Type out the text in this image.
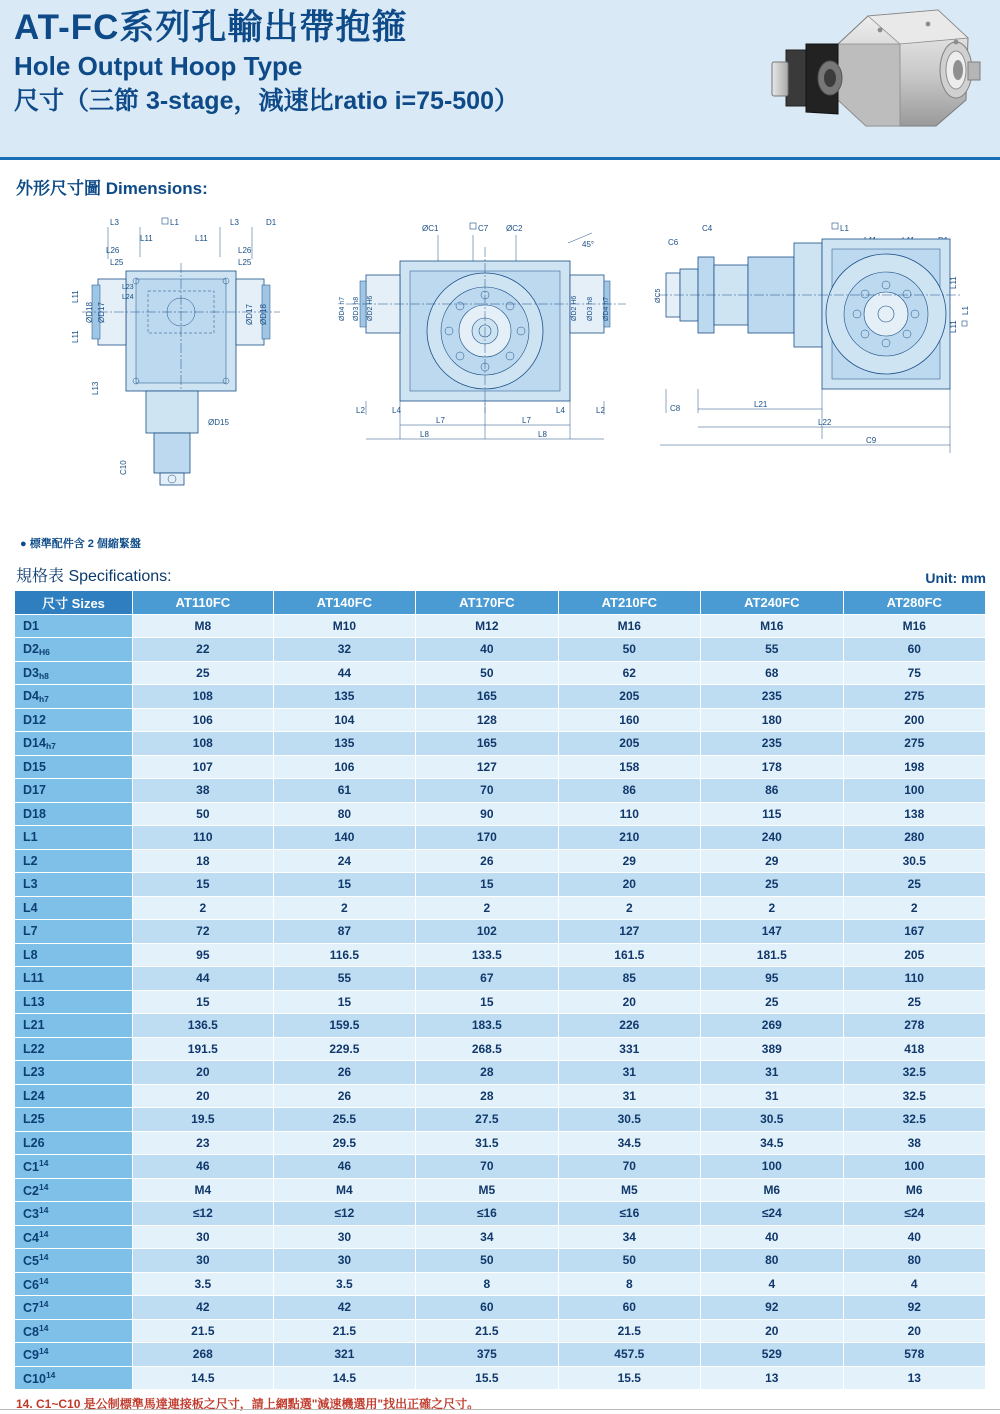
AT-FC系列孔輸出帶抱箍
Hole Output Hoop Type
尺寸（三節 3-stage，減速比ratio i=75-500）
外形尺寸圖 Dimensions:
L3	L1	L3	D1
L11	L11
L26
L25
L26
L25
L11
L11
ØD18 ØD17	ØD17 ØD18
L23
L24
L13
ØD15
C10
ØC1	C7 ØC2
45°
ØD4 h7 ØD3 h8 ØD2 H6	ØD2 H6 ØD3 h8 ØD4 h7
L2	L4	L4	L2
L7	L7
L8	L8
C4
C6
L1
ØC5
L11
L11
L1
C8	L21
L22
C9
● 標準配件含 2 個縮緊盤
規格表 Specifications:	Unit: mm
尺寸 Sizes	AT110FC	AT140FC	AT170FC	AT210FC	AT240FC	AT280FC
D1	M8	M10	M12	M16	M16	M16
$D2_{H6}$	22	32	40	50	55	60
$D3_{h8}$	25	44	50	62	68	75
$D4_{h7}$	108	135	165	205	235	275
D12	106	104	128	160	180	200
$D14_{h7}$	108	135	165	205	235	275
D15	107	106	127	158	178	198
D17	38	61	70	86	86	100
D18	50	80	90	110	115	138
L1	110	140	170	210	240	280
L2	18	24	26	29	29	30.5
L3	15	15	15	20	25	25
L4	2	2	2	2	2	2
L7	72	87	102	127	147	167
L8	95	116.5	133.5	161.5	181.5	205
L11	44	55	67	85	95	110
L13	15	15	15	20	25	25
L21	136.5	159.5	183.5	226	269	278
L22	191.5	229.5	268.5	331	389	418
L23	20	26	28	31	31	32.5
L24	20	26	28	31	31	32.5
L25	19.5	25.5	27.5	30.5	30.5	32.5
L26	23	29.5	31.5	34.5	34.5	38
$C1^{14}$	46	46	70	70	100	100
$C2^{14}$	M4	M4	M5	M5	M6	M6
$C3^{14}$	≤12	≤12	≤16	≤16	≤24	≤24
$C4^{14}$	30	30	34	34	40	40
$C5^{14}$	30	30	50	50	80	80
$C6^{14}$	3.5	3.5	8	8	4	4
$C7^{14}$	42	42	60	60	92	92
$C8^{14}$	21.5	21.5	21.5	21.5	20	20
$C9^{14}$	268	321	375	457.5	529	578
$C10^{14}$	14.5	14.5	15.5	15.5	13	13
14. C1~C10 是公制標準馬達連接板之尺寸，請上網點選"減速機選用"找出正確之尺寸。
